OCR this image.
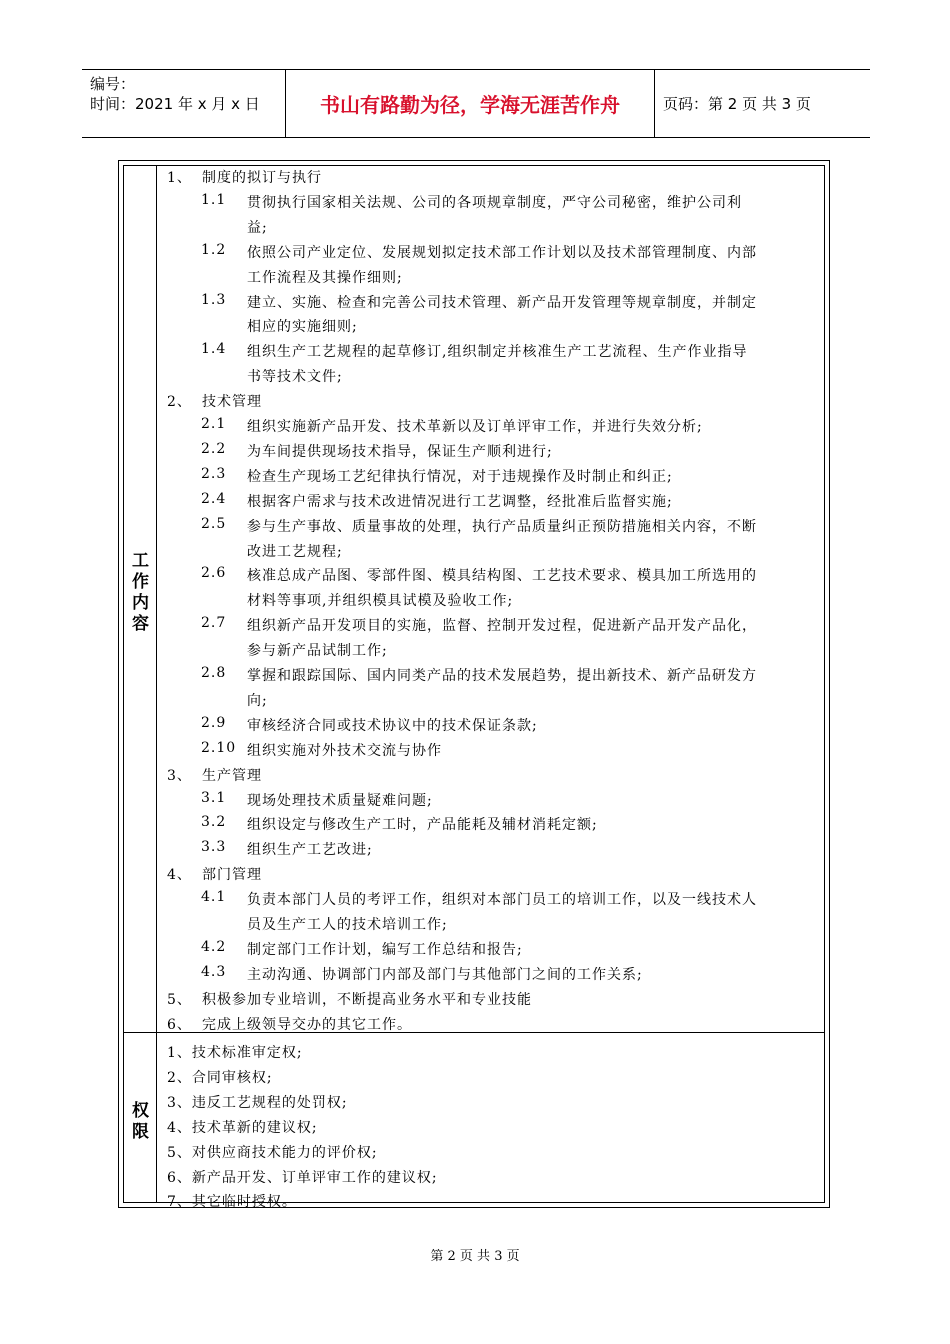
编号：
时间：2021 年 x 月 x 日	书山有路勤为径，学海无涯苦作舟	页码：第 2 页 共 3 页
工作内容
权限
1、 制度的拟订与执行
1.1 贯彻执行国家相关法规、公司的各项规章制度，严守公司秘密，维护公司利
益;
1.2 依照公司产业定位、发展规划拟定技术部工作计划以及技术部管理制度、内部
工作流程及其操作细则;
1.3 建立、实施、检查和完善公司技术管理、新产品开发管理等规章制度，并制定
相应的实施细则;
1.4 组织生产工艺规程的起草修订,组织制定并核准生产工艺流程、生产作业指导
书等技术文件;
2、 技术管理
2.1 组织实施新产品开发、技术革新以及订单评审工作，并进行失效分析;
2.2 为车间提供现场技术指导，保证生产顺利进行;
2.3 检查生产现场工艺纪律执行情况，对于违规操作及时制止和纠正;
2.4 根据客户需求与技术改进情况进行工艺调整，经批准后监督实施;
2.5 参与生产事故、质量事故的处理，执行产品质量纠正预防措施相关内容，不断
改进工艺规程;
2.6 核准总成产品图、零部件图、模具结构图、工艺技术要求、模具加工所选用的
材料等事项,并组织模具试模及验收工作;
2.7 组织新产品开发项目的实施，监督、控制开发过程，促进新产品开发产品化，
参与新产品试制工作;
2.8 掌握和跟踪国际、国内同类产品的技术发展趋势，提出新技术、新产品研发方
向;
2.9 审核经济合同或技术协议中的技术保证条款;
2.10 组织实施对外技术交流与协作
3、 生产管理
3.1 现场处理技术质量疑难问题;
3.2 组织设定与修改生产工时，产品能耗及辅材消耗定额;
3.3 组织生产工艺改进;
4、 部门管理
4.1 负责本部门人员的考评工作，组织对本部门员工的培训工作，以及一线技术人
员及生产工人的技术培训工作;
4.2 制定部门工作计划，编写工作总结和报告;
4.3 主动沟通、协调部门内部及部门与其他部门之间的工作关系;
5、 积极参加专业培训，不断提高业务水平和专业技能
6、 完成上级领导交办的其它工作。
1、技术标准审定权;
2、合同审核权;
3、违反工艺规程的处罚权;
4、技术革新的建议权;
5、对供应商技术能力的评价权;
6、新产品开发、订单评审工作的建议权;
7、其它临时授权。
第 2 页 共 3 页
